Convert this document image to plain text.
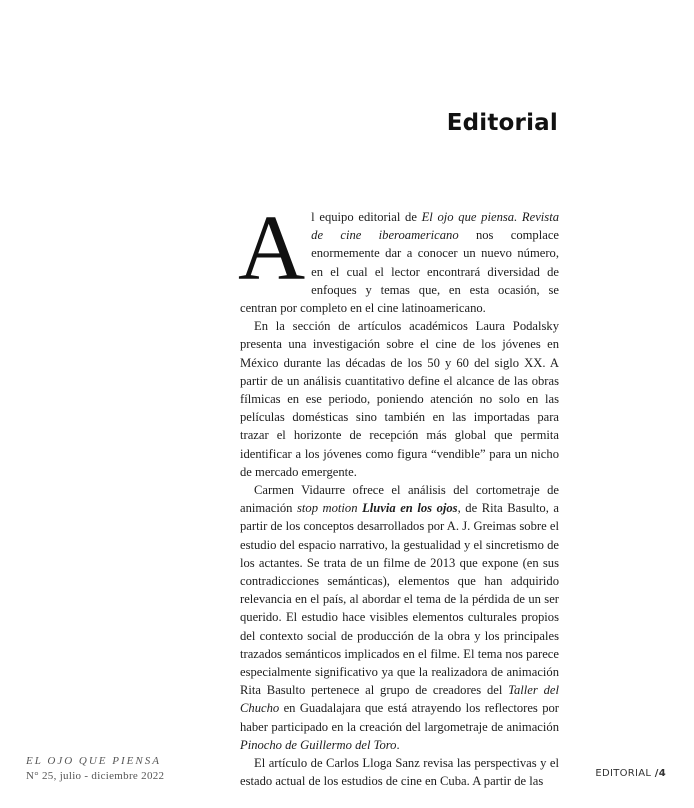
Editorial

Al equipo editorial de El ojo que piensa. Revista de cine iberoamericano nos complace enormemente dar a conocer un nuevo número, en el cual el lector encontrará diversidad de enfoques y temas que, en esta ocasión, se centran por completo en el cine latinoamericano.

En la sección de artículos académicos Laura Podalsky presenta una investigación sobre el cine de los jóvenes en México durante las décadas de los 50 y 60 del siglo XX. A partir de un análisis cuantitativo define el alcance de las obras fílmicas en ese periodo, poniendo atención no solo en las películas domésticas sino también en las importadas para trazar el horizonte de recepción más global que permita identificar a los jóvenes como figura “vendible” para un nicho de mercado emergente.

Carmen Vidaurre ofrece el análisis del cortometraje de animación stop motion Lluvia en los ojos, de Rita Basulto, a partir de los conceptos desarrollados por A. J. Greimas sobre el estudio del espacio narrativo, la gestualidad y el sincretismo de los actantes. Se trata de un filme de 2013 que expone (en sus contradicciones semánticas), elementos que han adquirido relevancia en el país, al abordar el tema de la pérdida de un ser querido. El estudio hace visibles elementos culturales propios del contexto social de producción de la obra y los principales trazados semánticos implicados en el filme. El tema nos parece especialmente significativo ya que la realizadora de animación Rita Basulto pertenece al grupo de creadores del Taller del Chucho en Guadalajara que está atrayendo los reflectores por haber participado en la creación del largometraje de animación Pinocho de Guillermo del Toro.

El artículo de Carlos Lloga Sanz revisa las perspectivas y el estado actual de los estudios de cine en Cuba. A partir de las

EL OJO QUE PIENSA
N° 25, julio - diciembre 2022	EDITORIAL /4
